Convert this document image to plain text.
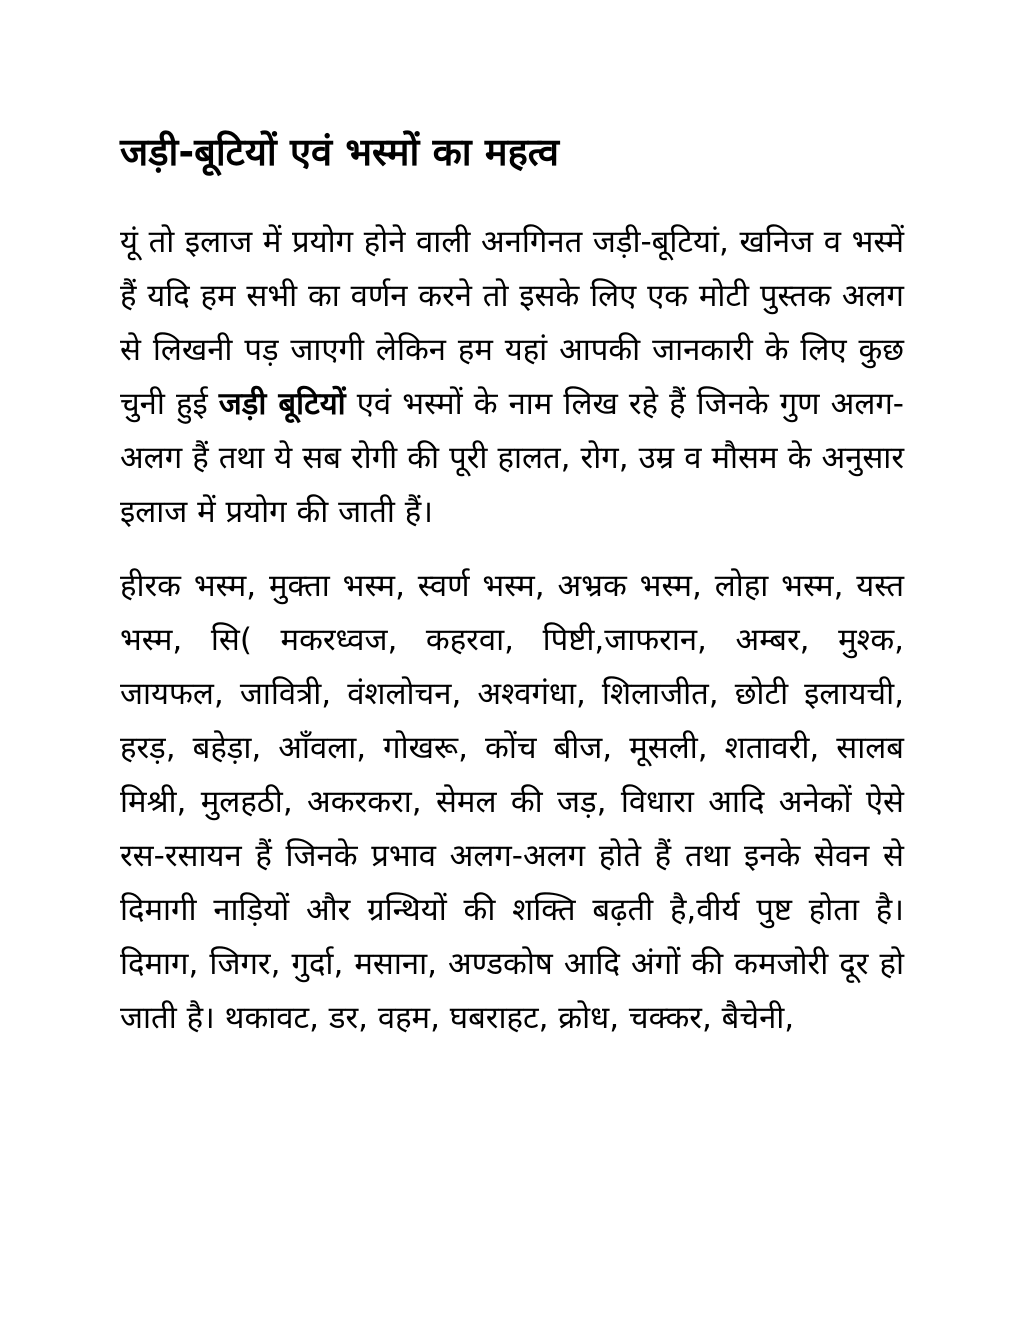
जड़ी-बूटियों एवं भस्मों का महत्व

यूं तो इलाज में प्रयोग होने वाली अनगिनत जड़ी-बूटियां, खनिज व भस्में हैं यदि हम सभी का वर्णन करने तो इसके लिए एक मोटी पुस्तक अलग से लिखनी पड़ जाएगी लेकिन हम यहां आपकी जानकारी के लिए कुछ चुनी हुई जड़ी बूटियों एवं भस्मों के नाम लिख रहे हैं जिनके गुण अलग-अलग हैं तथा ये सब रोगी की पूरी हालत, रोग, उम्र व मौसम के अनुसार इलाज में प्रयोग की जाती हैं।

हीरक भस्म, मुक्ता भस्म, स्वर्ण भस्म, अभ्रक भस्म, लोहा भस्म, यस्त भस्म, सि( मकरध्वज, कहरवा, पिष्टी,जाफरान, अम्बर, मुश्क, जायफल, जावित्री, वंशलोचन, अश्वगंधा, शिलाजीत, छोटी इलायची, हरड़, बहेड़ा, आँवला, गोखरू, कोंच बीज, मूसली, शतावरी, सालब मिश्री, मुलहठी, अकरकरा, सेमल की जड़, विधारा आदि अनेकों ऐसे रस-रसायन हैं जिनके प्रभाव अलग-अलग होते हैं तथा इनके सेवन से दिमागी नाड़ियों और ग्रन्थियों की शक्ति बढ़ती है,वीर्य पुष्ट होता है। दिमाग, जिगर, गुर्दा, मसाना, अण्डकोष आदि अंगों की कमजोरी दूर हो जाती है। थकावट, डर, वहम, घबराहट, क्रोध, चक्कर, बैचेनी,
